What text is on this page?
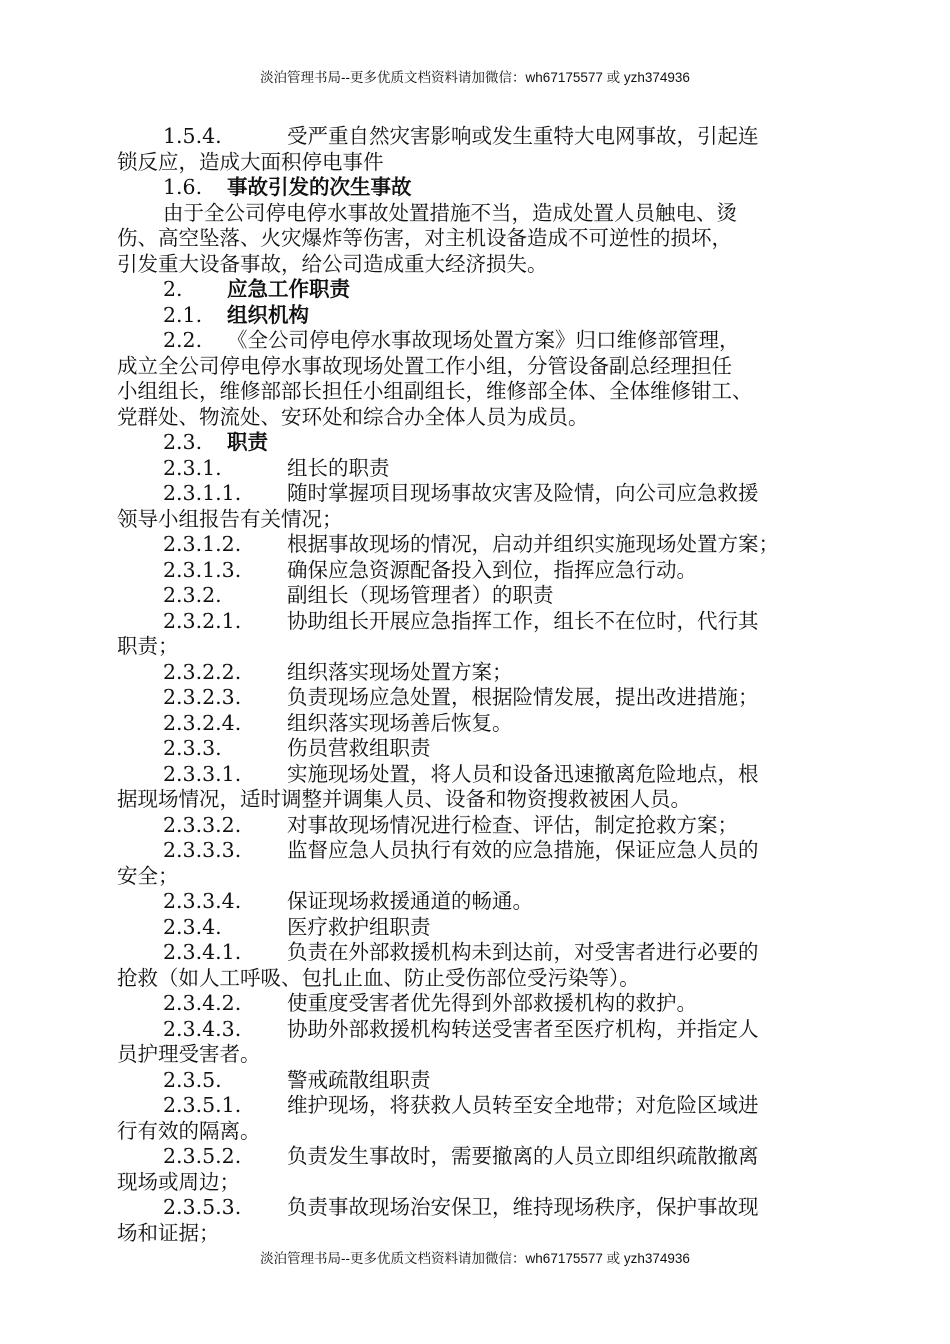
淡泊管理书局--更多优质文档资料请加微信：wh67175577 或 yzh374936
1.5.4.	受严重自然灾害影响或发生重特大电网事故，引起连
锁反应，造成大面积停电事件
1.6. 事故引发的次生事故
由于全公司停电停水事故处置措施不当，造成处置人员触电、烫
伤、高空坠落、火灾爆炸等伤害，对主机设备造成不可逆性的损坏，
引发重大设备事故，给公司造成重大经济损失。
2. 应急工作职责
2.1. 组织机构
2.2. 《全公司停电停水事故现场处置方案》归口维修部管理，
成立全公司停电停水事故现场处置工作小组，分管设备副总经理担任
小组组长，维修部部长担任小组副组长，维修部全体、全体维修钳工、
党群处、物流处、安环处和综合办全体人员为成员。
2.3. 职责
2.3.1.	组长的职责
2.3.1.1. 随时掌握项目现场事故灾害及险情，向公司应急救援
领导小组报告有关情况；
2.3.1.2. 根据事故现场的情况，启动并组织实施现场处置方案；
2.3.1.3. 确保应急资源配备投入到位，指挥应急行动。
2.3.2.	副组长（现场管理者）的职责
2.3.2.1. 协助组长开展应急指挥工作，组长不在位时，代行其
职责；
2.3.2.2. 组织落实现场处置方案；
2.3.2.3. 负责现场应急处置，根据险情发展，提出改进措施；
2.3.2.4. 组织落实现场善后恢复。
2.3.3.	伤员营救组职责
2.3.3.1. 实施现场处置，将人员和设备迅速撤离危险地点，根
据现场情况，适时调整并调集人员、设备和物资搜救被困人员。
2.3.3.2. 对事故现场情况进行检查、评估，制定抢救方案；
2.3.3.3. 监督应急人员执行有效的应急措施，保证应急人员的
安全；
2.3.3.4. 保证现场救援通道的畅通。
2.3.4.	医疗救护组职责
2.3.4.1. 负责在外部救援机构未到达前，对受害者进行必要的
抢救（如人工呼吸、包扎止血、防止受伤部位受污染等）。
2.3.4.2. 使重度受害者优先得到外部救援机构的救护。
2.3.4.3. 协助外部救援机构转送受害者至医疗机构，并指定人
员护理受害者。
2.3.5.	警戒疏散组职责
2.3.5.1. 维护现场，将获救人员转至安全地带；对危险区域进
行有效的隔离。
2.3.5.2. 负责发生事故时，需要撤离的人员立即组织疏散撤离
现场或周边；
2.3.5.3. 负责事故现场治安保卫，维持现场秩序，保护事故现
场和证据；
淡泊管理书局--更多优质文档资料请加微信：wh67175577 或 yzh374936
